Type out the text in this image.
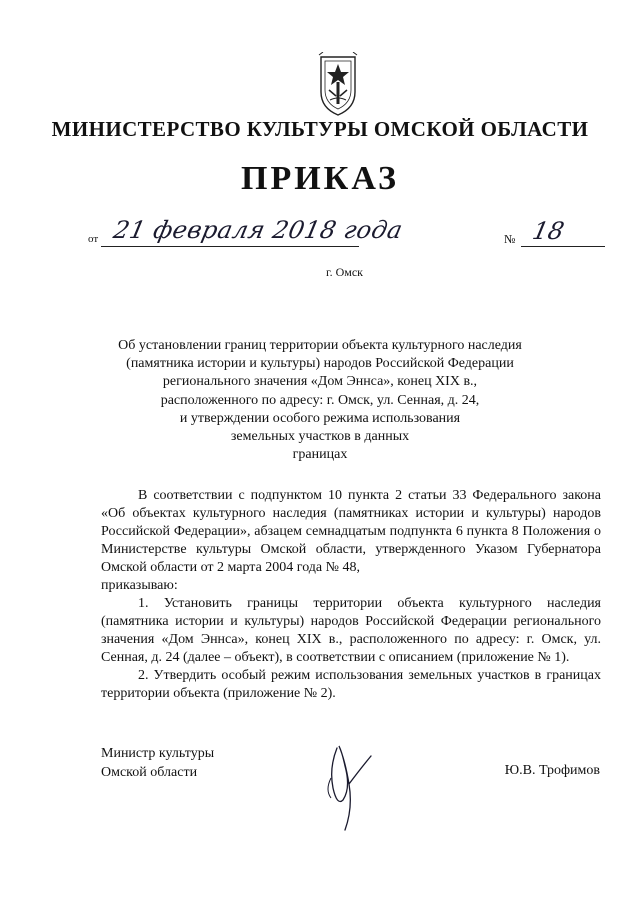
МИНИСТЕРСТВО КУЛЬТУРЫ ОМСКОЙ ОБЛАСТИ
ПРИКАЗ
от 21 февраля 2018 года	№ 18
г. Омск
Об установлении границ территории объекта культурного наследия
(памятника истории и культуры) народов Российской Федерации
регионального значения «Дом Эннса», конец XIX в.,
расположенного по адресу: г. Омск, ул. Сенная, д. 24,
и утверждении особого режима использования
земельных участков в данных
границах

В соответствии с подпунктом 10 пункта 2 статьи 33 Федерального закона «Об объектах культурного наследия (памятниках истории и культуры) народов Российской Федерации», абзацем семнадцатым подпункта 6 пункта 8 Положения о Министерстве культуры Омской области, утвержденного Указом Губернатора Омской области от 2 марта 2004 года № 48,

приказываю:

1. Установить границы территории объекта культурного наследия (памятника истории и культуры) народов Российской Федерации регионального значения «Дом Эннса», конец XIX в., расположенного по адресу: г. Омск, ул. Сенная, д. 24 (далее – объект), в соответствии с описанием (приложение № 1).

2. Утвердить особый режим использования земельных участков в границах территории объекта (приложение № 2).

Министр культуры
Омской области	Ю.В. Трофимов
